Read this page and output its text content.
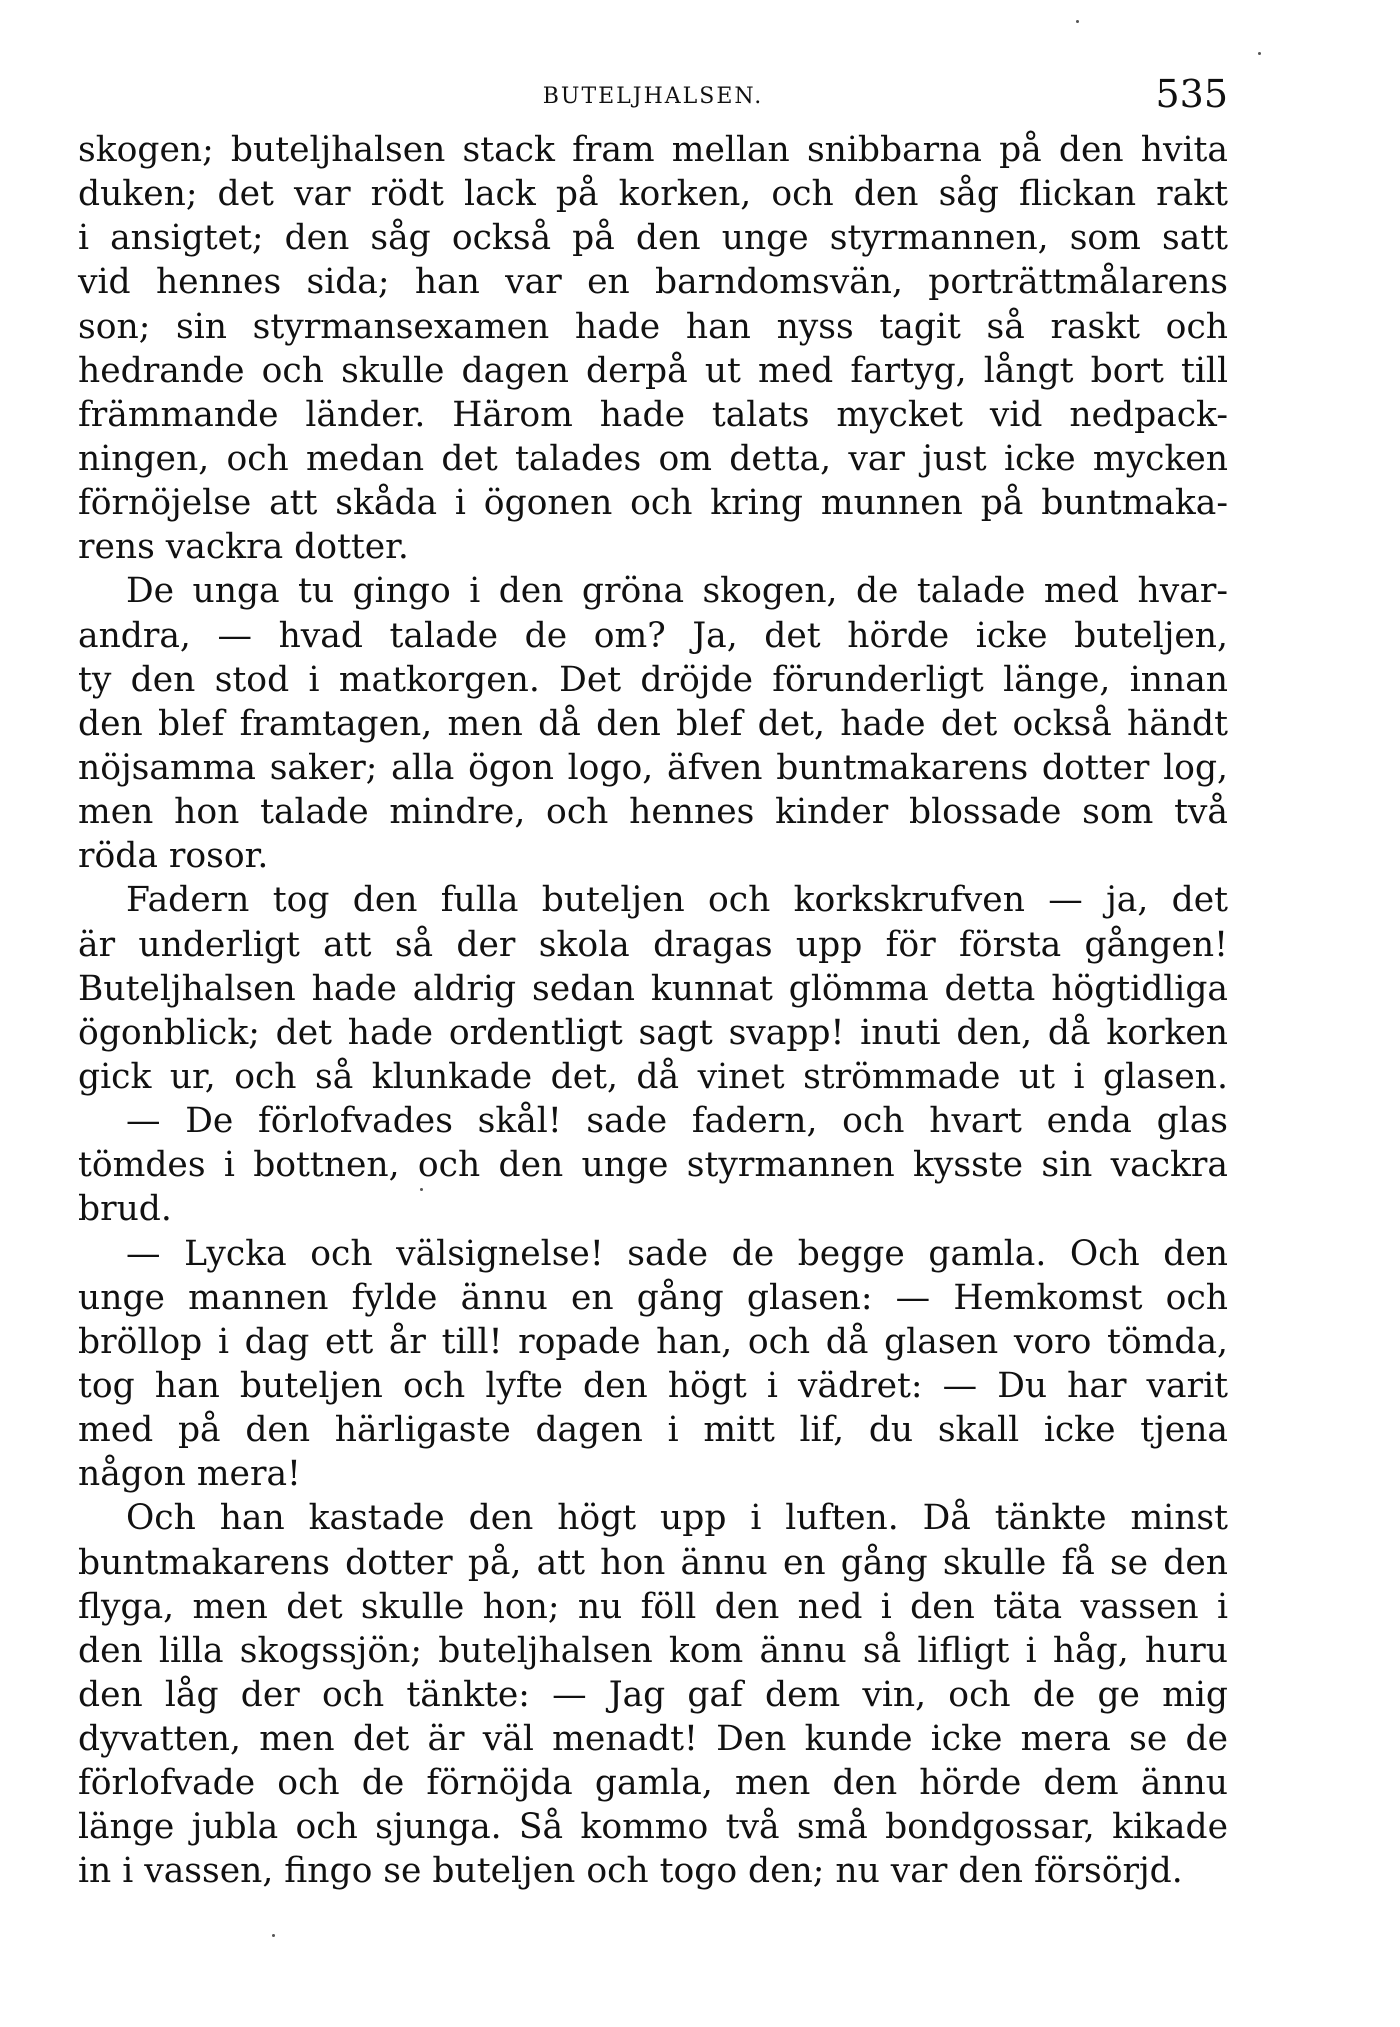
BUTELJHALSEN.	535
skogen; buteljhalsen stack fram mellan snibbarna på den hvita
duken; det var rödt lack på korken, och den såg flickan rakt
i ansigtet; den såg också på den unge styrmannen, som satt
vid hennes sida; han var en barndomsvän, porträttmålarens
son; sin styrmansexamen hade han nyss tagit så raskt och
hedrande och skulle dagen derpå ut med fartyg, långt bort till
främmande länder. Härom hade talats mycket vid nedpack-
ningen, och medan det talades om detta, var just icke mycken
förnöjelse att skåda i ögonen och kring munnen på buntmaka-
rens vackra dotter.
De unga tu gingo i den gröna skogen, de talade med hvar-
andra, — hvad talade de om? Ja, det hörde icke buteljen,
ty den stod i matkorgen. Det dröjde förunderligt länge, innan
den blef framtagen, men då den blef det, hade det också händt
nöjsamma saker; alla ögon logo, äfven buntmakarens dotter log,
men hon talade mindre, och hennes kinder blossade som två
röda rosor.
Fadern tog den fulla buteljen och korkskrufven — ja, det
är underligt att så der skola dragas upp för första gången!
Buteljhalsen hade aldrig sedan kunnat glömma detta högtidliga
ögonblick; det hade ordentligt sagt svapp! inuti den, då korken
gick ur, och så klunkade det, då vinet strömmade ut i glasen.
— De förlofvades skål! sade fadern, och hvart enda glas
tömdes i bottnen, och den unge styrmannen kysste sin vackra
brud.
— Lycka och välsignelse! sade de begge gamla. Och den
unge mannen fylde ännu en gång glasen: — Hemkomst och
bröllop i dag ett år till! ropade han, och då glasen voro tömda,
tog han buteljen och lyfte den högt i vädret: — Du har varit
med på den härligaste dagen i mitt lif, du skall icke tjena
någon mera!
Och han kastade den högt upp i luften. Då tänkte minst
buntmakarens dotter på, att hon ännu en gång skulle få se den
flyga, men det skulle hon; nu föll den ned i den täta vassen i
den lilla skogssjön; buteljhalsen kom ännu så lifligt i håg, huru
den låg der och tänkte: — Jag gaf dem vin, och de ge mig
dyvatten, men det är väl menadt! Den kunde icke mera se de
förlofvade och de förnöjda gamla, men den hörde dem ännu
länge jubla och sjunga. Så kommo två små bondgossar, kikade
in i vassen, fingo se buteljen och togo den; nu var den försörjd.
